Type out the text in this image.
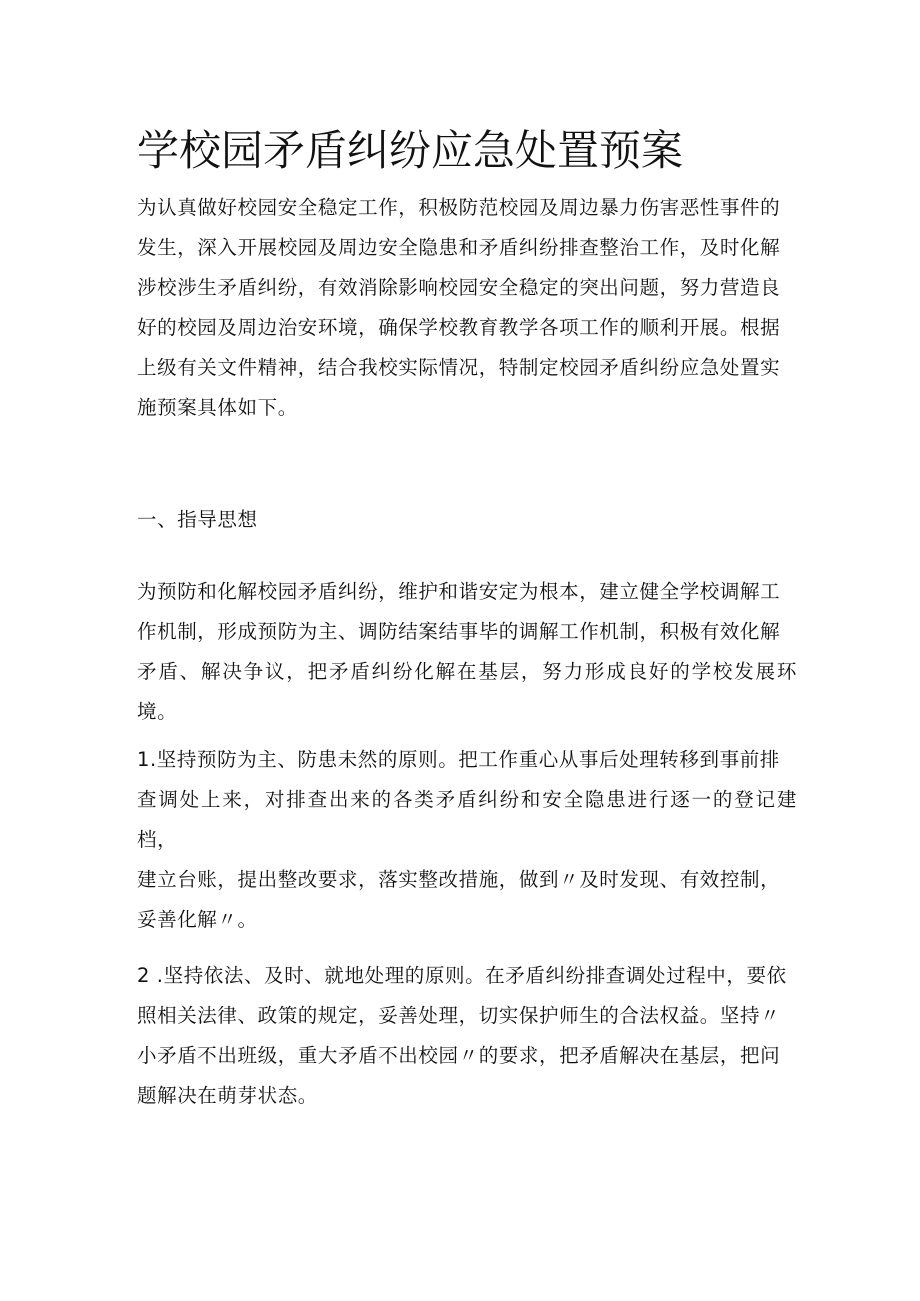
学校园矛盾纠纷应急处置预案

为认真做好校园安全稳定工作，积极防范校园及周边暴力伤害恶性事件的
发生，深入开展校园及周边安全隐患和矛盾纠纷排查整治工作，及时化解
涉校涉生矛盾纠纷，有效消除影响校园安全稳定的突出问题，努力营造良
好的校园及周边治安环境，确保学校教育教学各项工作的顺利开展。根据
上级有关文件精神，结合我校实际情况，特制定校园矛盾纠纷应急处置实
施预案具体如下。

一、指导思想

为预防和化解校园矛盾纠纷，维护和谐安定为根本，建立健全学校调解工
作机制，形成预防为主、调防结案结事毕的调解工作机制，积极有效化解
矛盾、解决争议，把矛盾纠纷化解在基层，努力形成良好的学校发展环境。

1.坚持预防为主、防患未然的原则。把工作重心从事后处理转移到事前排
查调处上来，对排查出来的各类矛盾纠纷和安全隐患进行逐一的登记建档，
建立台账，提出整改要求，落实整改措施，做到〃及时发现、有效控制，
妥善化解〃。

2 .坚持依法、及时、就地处理的原则。在矛盾纠纷排查调处过程中，要依
照相关法律、政策的规定，妥善处理，切实保护师生的合法权益。坚持〃
小矛盾不出班级，重大矛盾不出校园〃的要求，把矛盾解决在基层，把问
题解决在萌芽状态。
